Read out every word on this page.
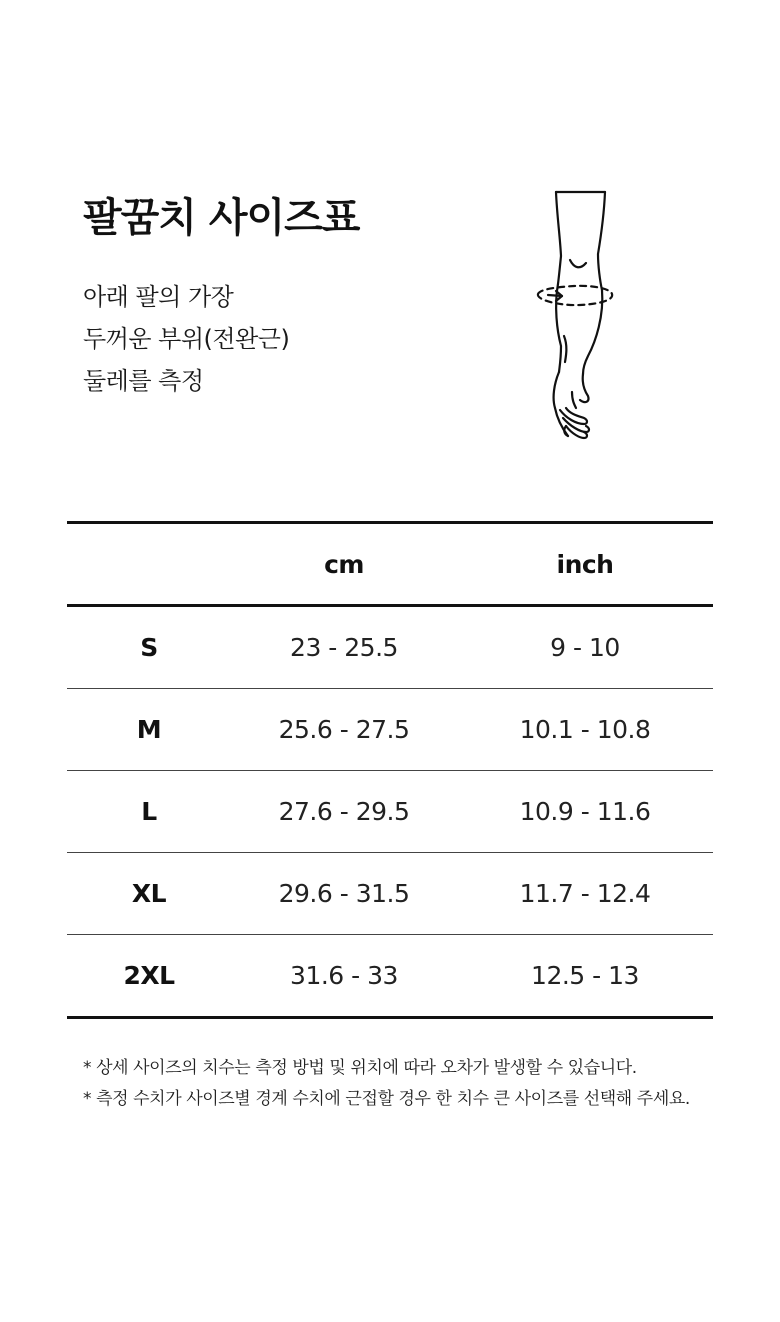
팔꿈치 사이즈표
아래 팔의 가장
두꺼운 부위(전완근)
둘레를 측정
	cm	inch
S	23 - 25.5	9 - 10
M	25.6 - 27.5	10.1 - 10.8
L	27.6 - 29.5	10.9 - 11.6
XL	29.6 - 31.5	11.7 - 12.4
2XL	31.6 - 33	12.5 - 13
* 상세 사이즈의 치수는 측정 방법 및 위치에 따라 오차가 발생할 수 있습니다.
* 측정 수치가 사이즈별 경계 수치에 근접할 경우 한 치수 큰 사이즈를 선택해 주세요.
